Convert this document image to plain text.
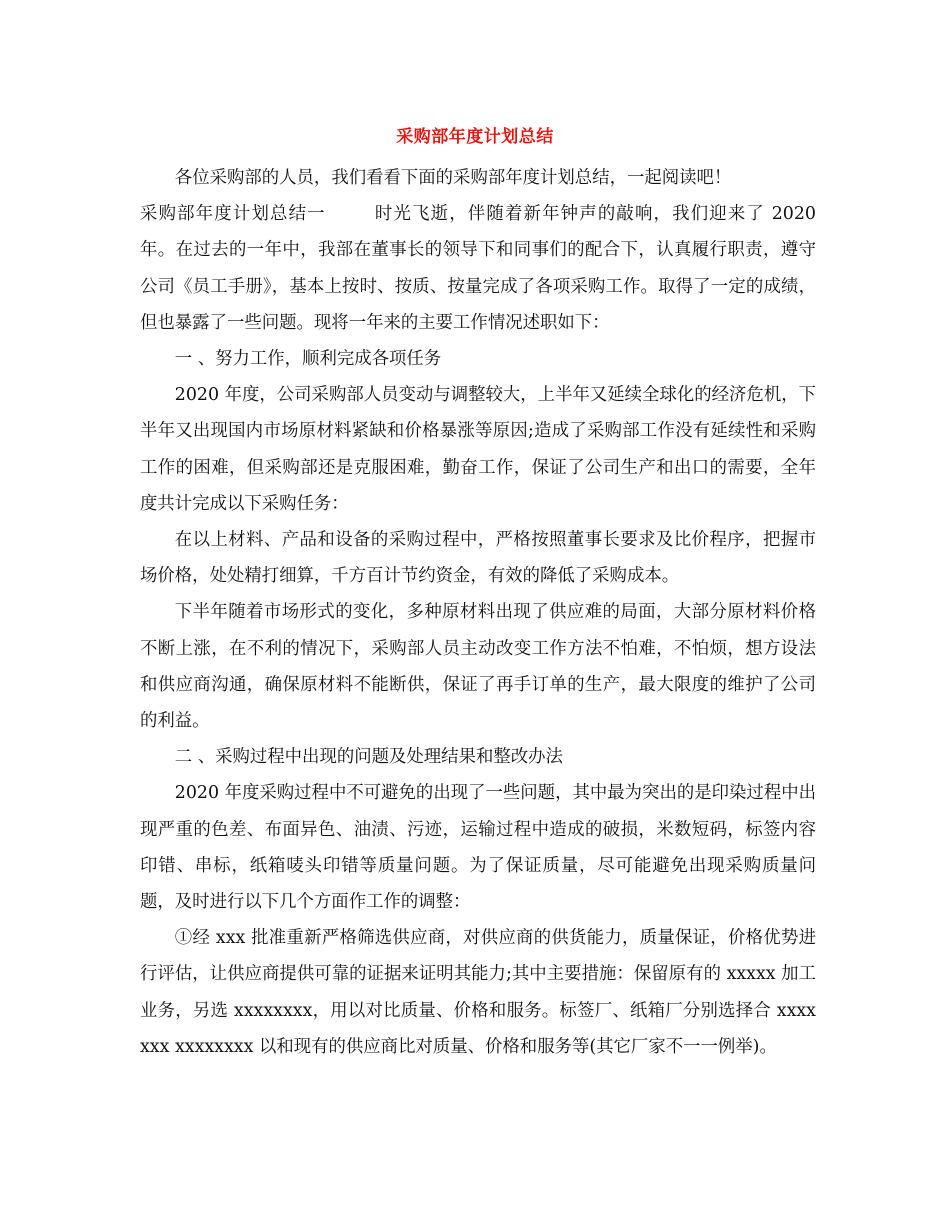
采购部年度计划总结

各位采购部的人员，我们看看下面的采购部年度计划总结，一起阅读吧！

采购部年度计划总结一	时光飞逝，伴随着新年钟声的敲响，我们迎来了 2020 年。在过去的一年中，我部在董事长的领导下和同事们的配合下，认真履行职责，遵守公司《员工手册》，基本上按时、按质、按量完成了各项采购工作。取得了一定的成绩，但也暴露了一些问题。现将一年来的主要工作情况述职如下：

一 、努力工作，顺利完成各项任务

2020 年度，公司采购部人员变动与调整较大，上半年又延续全球化的经济危机，下半年又出现国内市场原材料紧缺和价格暴涨等原因;造成了采购部工作没有延续性和采购工作的困难，但采购部还是克服困难，勤奋工作，保证了公司生产和出口的需要，全年度共计完成以下采购任务：

在以上材料、产品和设备的采购过程中，严格按照董事长要求及比价程序，把握市场价格，处处精打细算，千方百计节约资金，有效的降低了采购成本。

下半年随着市场形式的变化，多种原材料出现了供应难的局面，大部分原材料价格不断上涨，在不利的情况下，采购部人员主动改变工作方法不怕难，不怕烦，想方设法和供应商沟通，确保原材料不能断供，保证了再手订单的生产，最大限度的维护了公司的利益。

二 、采购过程中出现的问题及处理结果和整改办法

2020 年度采购过程中不可避免的出现了一些问题，其中最为突出的是印染过程中出现严重的色差、布面异色、油渍、污迹，运输过程中造成的破损，米数短码，标签内容印错、串标，纸箱唛头印错等质量问题。为了保证质量，尽可能避免出现采购质量问题，及时进行以下几个方面作工作的调整：

①经 xxx 批准重新严格筛选供应商，对供应商的供货能力，质量保证，价格优势进行评估，让供应商提供可靠的证据来证明其能力;其中主要措施：保留原有的 xxxxx 加工业务，另选 xxxxxxxx，用以对比质量、价格和服务。标签厂、纸箱厂分别选择合 xxxxxxx xxxxxxxx 以和现有的供应商比对质量、价格和服务等(其它厂家不一一例举)。
